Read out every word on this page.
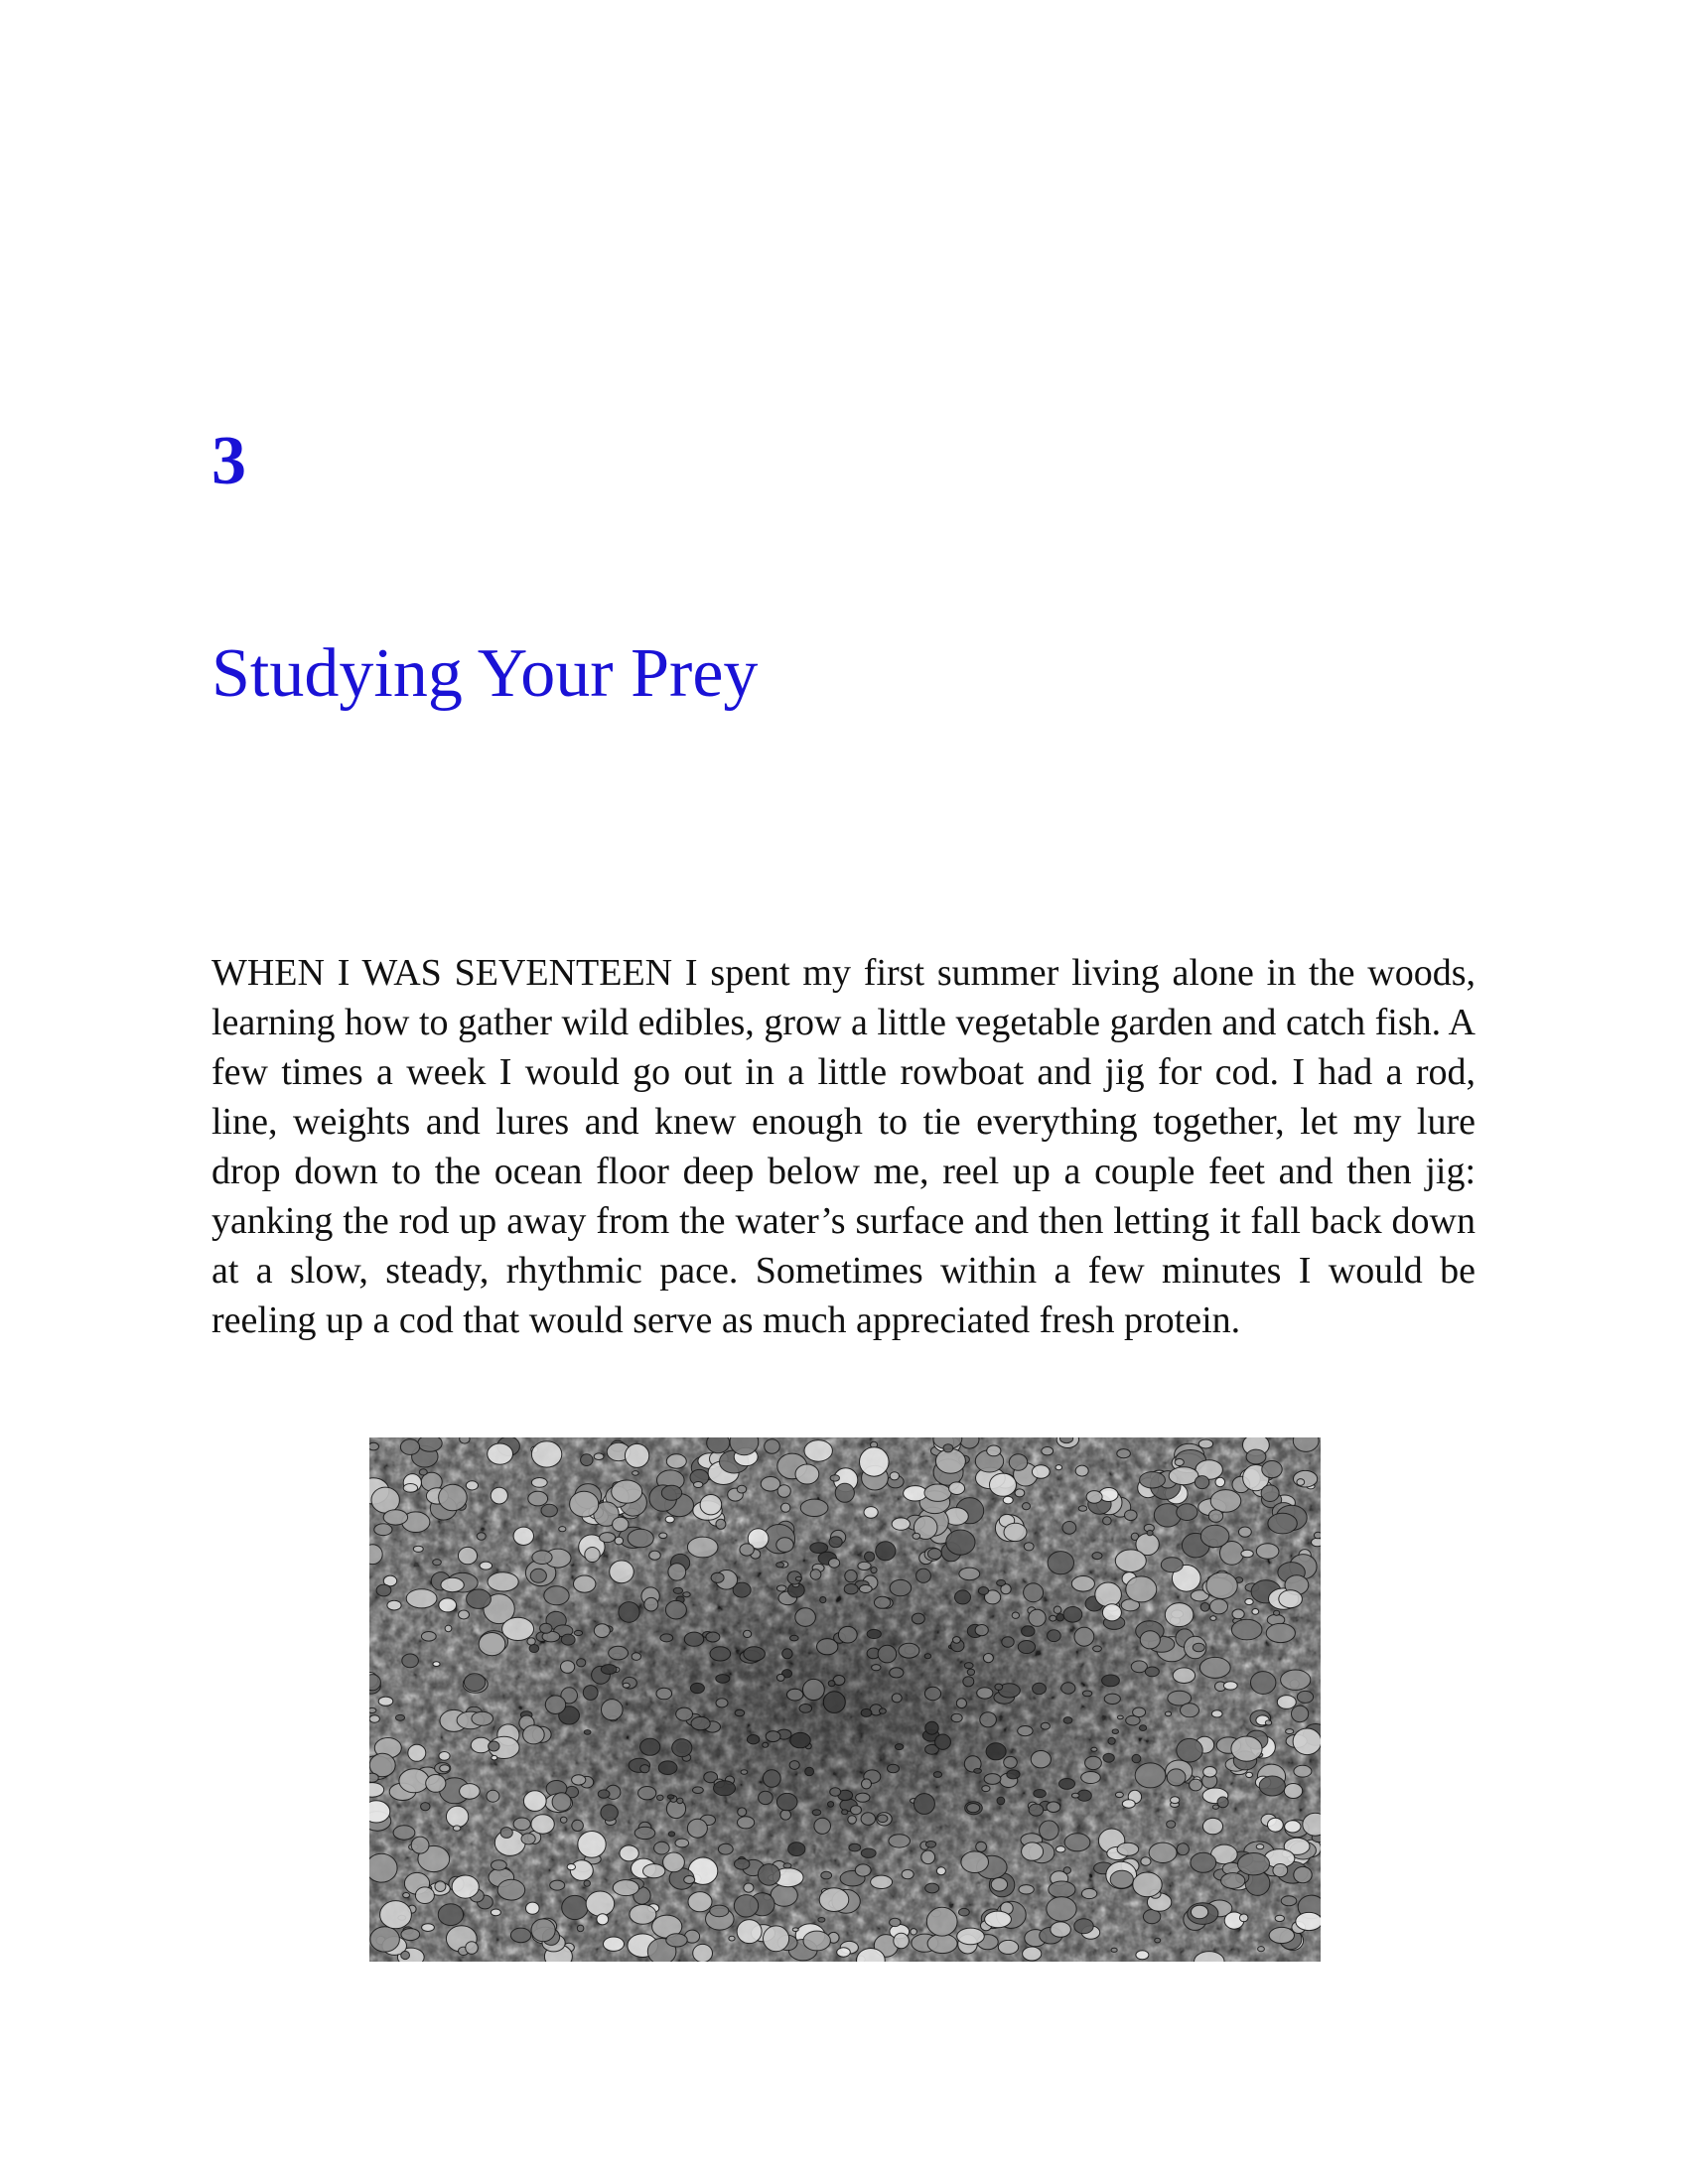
3
Studying Your Prey

WHEN I WAS SEVENTEEN I spent my first summer living alone in the woods, learning how to gather wild edibles, grow a little vegetable garden and catch fish. A few times a week I would go out in a little rowboat and jig for cod. I had a rod, line, weights and lures and knew enough to tie everything together, let my lure drop down to the ocean floor deep below me, reel up a couple feet and then jig: yanking the rod up away from the water’s surface and then letting it fall back down at a slow, steady, rhythmic pace. Sometimes within a few minutes I would be reeling up a cod that would serve as much appreciated fresh protein.
